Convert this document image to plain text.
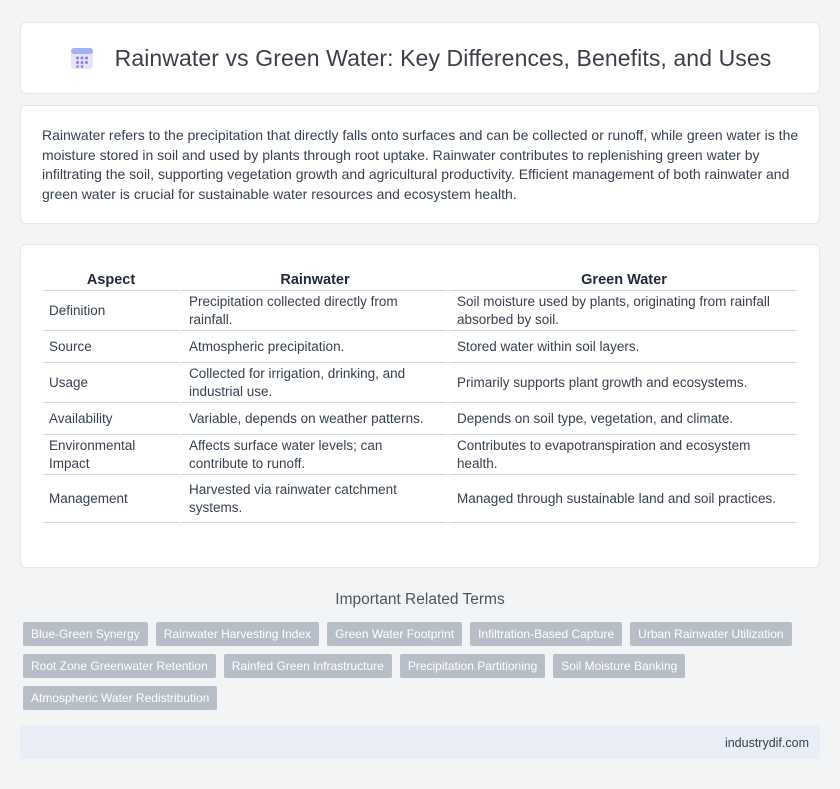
Rainwater vs Green Water: Key Differences, Benefits, and Uses

Rainwater refers to the precipitation that directly falls onto surfaces and can be collected or runoff, while green water is the moisture stored in soil and used by plants through root uptake. Rainwater contributes to replenishing green water by infiltrating the soil, supporting vegetation growth and agricultural productivity. Efficient management of both rainwater and green water is crucial for sustainable water resources and ecosystem health.

Aspect	Rainwater	Green Water
Definition	Precipitation collected directly from rainfall.	Soil moisture used by plants, originating from rainfall absorbed by soil.
Source	Atmospheric precipitation.	Stored water within soil layers.
Usage	Collected for irrigation, drinking, and industrial use.	Primarily supports plant growth and ecosystems.
Availability	Variable, depends on weather patterns.	Depends on soil type, vegetation, and climate.
Environmental Impact	Affects surface water levels; can contribute to runoff.	Contributes to evapotranspiration and ecosystem health.
Management	Harvested via rainwater catchment systems.	Managed through sustainable land and soil practices.
Important Related Terms
Blue-Green Synergy	Rainwater Harvesting Index	Green Water Footprint	Infiltration-Based Capture	Urban Rainwater Utilization
Root Zone Greenwater Retention	Rainfed Green Infrastructure	Precipitation Partitioning	Soil Moisture Banking
Atmospheric Water Redistribution
industrydif.com
